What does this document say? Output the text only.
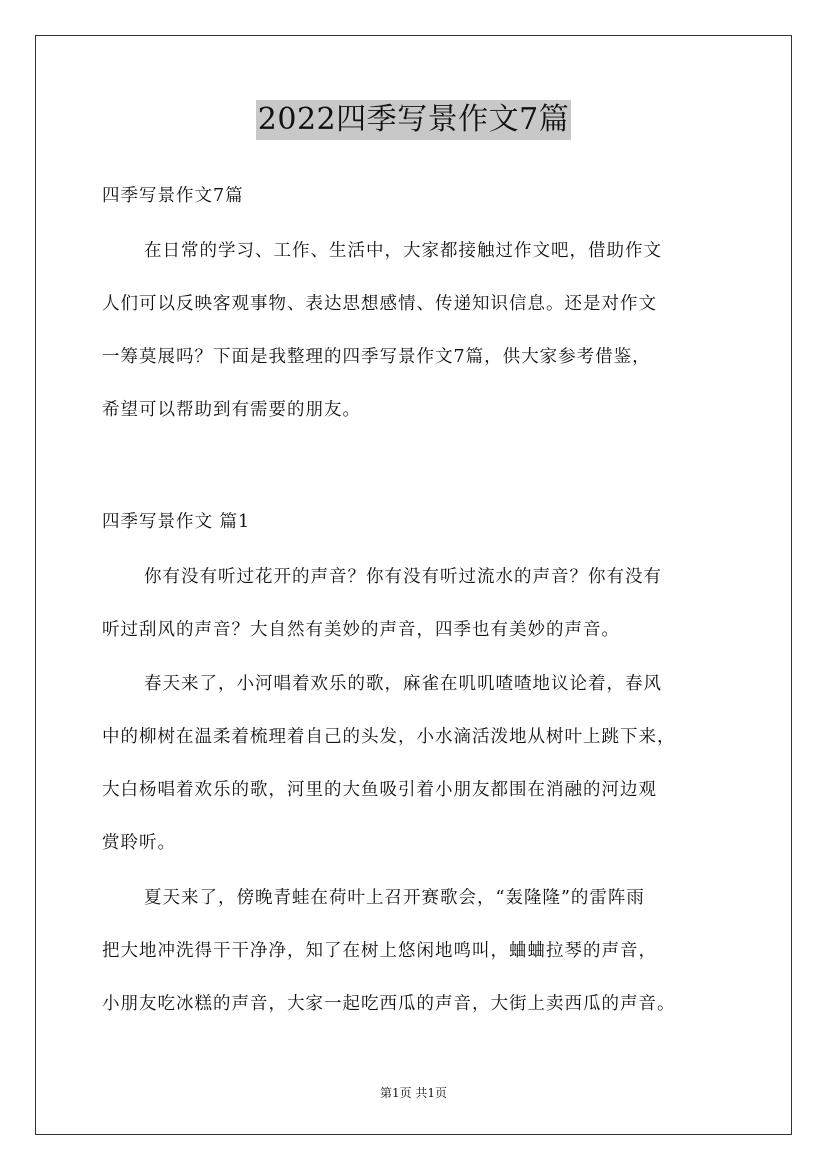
2022四季写景作文7篇
四季写景作文7篇
在日常的学习、工作、生活中，大家都接触过作文吧，借助作文
人们可以反映客观事物、表达思想感情、传递知识信息。还是对作文
一筹莫展吗？下面是我整理的四季写景作文7篇，供大家参考借鉴，
希望可以帮助到有需要的朋友。
四季写景作文 篇1
你有没有听过花开的声音？你有没有听过流水的声音？你有没有
听过刮风的声音？大自然有美妙的声音，四季也有美妙的声音。
春天来了，小河唱着欢乐的歌，麻雀在叽叽喳喳地议论着，春风
中的柳树在温柔着梳理着自己的头发，小水滴活泼地从树叶上跳下来，
大白杨唱着欢乐的歌，河里的大鱼吸引着小朋友都围在消融的河边观
赏聆听。
夏天来了，傍晚青蛙在荷叶上召开赛歌会，“轰隆隆”的雷阵雨
把大地冲洗得干干净净，知了在树上悠闲地鸣叫，蛐蛐拉琴的声音，
小朋友吃冰糕的声音，大家一起吃西瓜的声音，大街上卖西瓜的声音。
第1页 共1页
